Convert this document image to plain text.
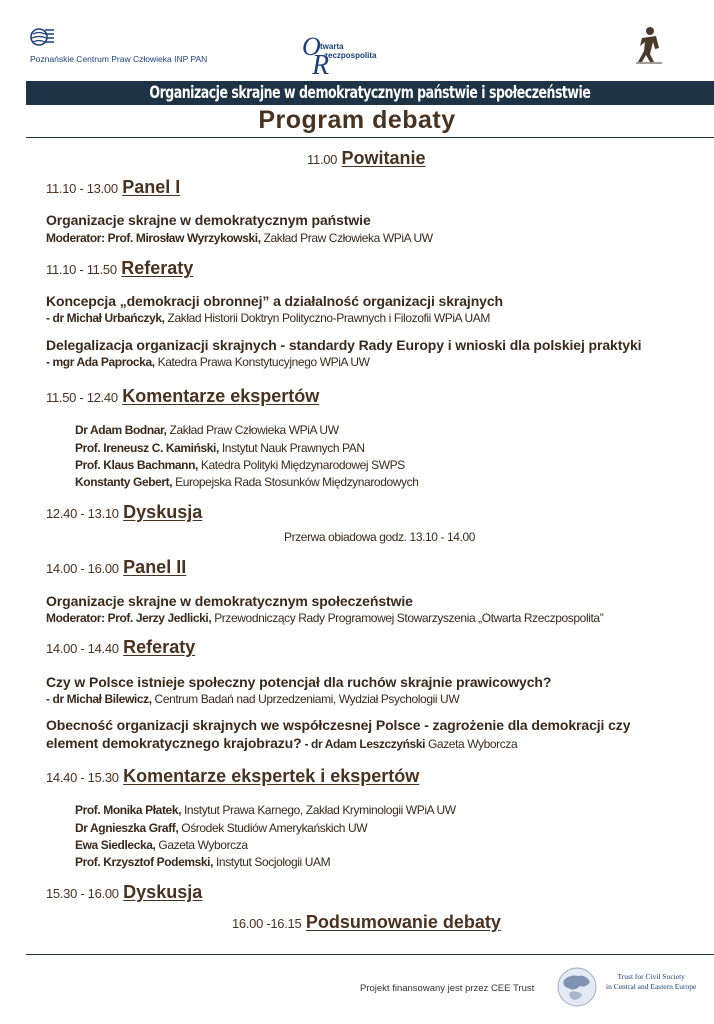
Poznańskie Centrum Praw Człowieka INP PAN	O twarta
R
zeczpospolita
Organizacje skrajne w demokratycznym państwie i społeczeństwie
Program debaty
11.00 Powitanie
11.10 - 13.00 Panel I
Organizacje skrajne w demokratycznym państwie
Moderator: Prof. Mirosław Wyrzykowski, Zakład Praw Człowieka WPiA UW
11.10 - 11.50 Referaty
Koncepcja „demokracji obronnej” a działalność organizacji skrajnych
- dr Michał Urbańczyk, Zakład Historii Doktryn Polityczno-Prawnych i Filozofii WPiA UAM
Delegalizacja organizacji skrajnych - standardy Rady Europy i wnioski dla polskiej praktyki
- mgr Ada Paprocka, Katedra Prawa Konstytucyjnego WPiA UW
11.50 - 12.40 Komentarze ekspertów
Dr Adam Bodnar, Zakład Praw Człowieka WPiA UW
Prof. Ireneusz C. Kamiński, Instytut Nauk Prawnych PAN
Prof. Klaus Bachmann, Katedra Polityki Międzynarodowej SWPS
Konstanty Gebert, Europejska Rada Stosunków Międzynarodowych
12.40 - 13.10 Dyskusja
Przerwa obiadowa godz. 13.10 - 14.00
14.00 - 16.00 Panel II
Organizacje skrajne w demokratycznym społeczeństwie
Moderator: Prof. Jerzy Jedlicki, Przewodniczący Rady Programowej Stowarzyszenia „Otwarta Rzeczpospolita”
14.00 - 14.40 Referaty
Czy w Polsce istnieje społeczny potencjał dla ruchów skrajnie prawicowych?
- dr Michał Bilewicz, Centrum Badań nad Uprzedzeniami, Wydział Psychologii UW
Obecność organizacji skrajnych we współczesnej Polsce - zagrożenie dla demokracji czy
element demokratycznego krajobrazu? - dr Adam Leszczyński Gazeta Wyborcza
14.40 - 15.30 Komentarze ekspertek i ekspertów
Prof. Monika Płatek, Instytut Prawa Karnego, Zakład Kryminologii WPiA UW
Dr Agnieszka Graff, Ośrodek Studiów Amerykańskich UW
Ewa Siedlecka, Gazeta Wyborcza
Prof. Krzysztof Podemski, Instytut Socjologii UAM
15.30 - 16.00 Dyskusja
16.00 -16.15 Podsumowanie debaty
Projekt finansowany jest przez CEE Trust
Trust for Civil Society
in Central and Eastern Europe
